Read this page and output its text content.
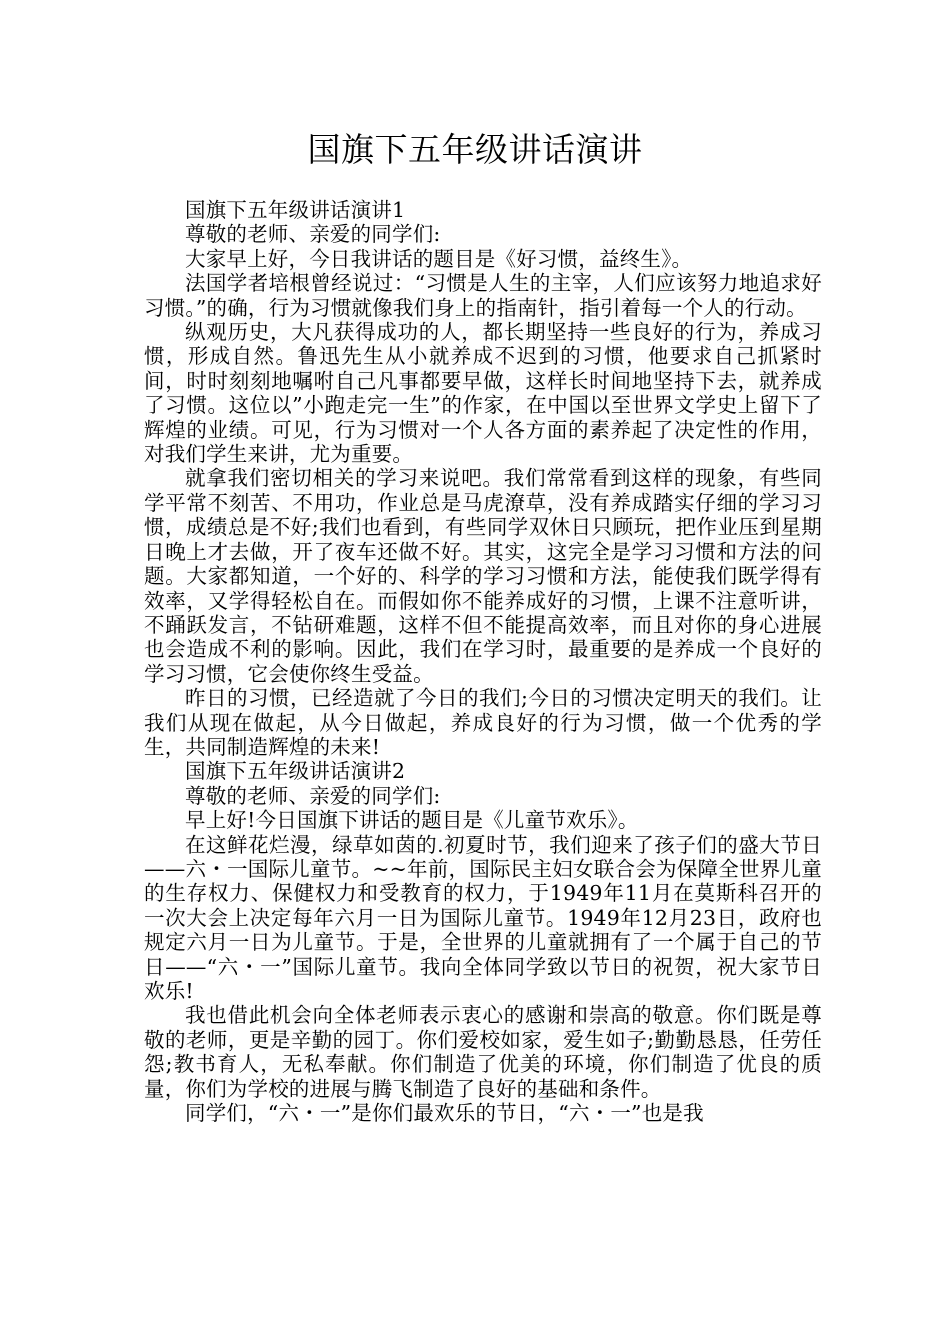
国旗下五年级讲话演讲

国旗下五年级讲话演讲1

尊敬的老师、亲爱的同学们:

大家早上好，今日我讲话的题目是《好习惯，益终生》。

法国学者培根曾经说过：“习惯是人生的主宰，人们应该努力地追求好习惯。”的确，行为习惯就像我们身上的指南针，指引着每一个人的行动。

纵观历史，大凡获得成功的人，都长期坚持一些良好的行为，养成习惯，形成自然。鲁迅先生从小就养成不迟到的习惯，他要求自己抓紧时间，时时刻刻地嘱咐自己凡事都要早做，这样长时间地坚持下去，就养成了习惯。这位以”小跑走完一生”的作家，在中国以至世界文学史上留下了辉煌的业绩。可见，行为习惯对一个人各方面的素养起了决定性的作用，对我们学生来讲，尤为重要。

就拿我们密切相关的学习来说吧。我们常常看到这样的现象，有些同学平常不刻苦、不用功，作业总是马虎潦草，没有养成踏实仔细的学习习惯，成绩总是不好;我们也看到，有些同学双休日只顾玩，把作业压到星期日晚上才去做，开了夜车还做不好。其实，这完全是学习习惯和方法的问题。大家都知道，一个好的、科学的学习习惯和方法，能使我们既学得有效率，又学得轻松自在。而假如你不能养成好的习惯，上课不注意听讲，不踊跃发言，不钻研难题，这样不但不能提高效率，而且对你的身心进展也会造成不利的影响。因此，我们在学习时，最重要的是养成一个良好的学习习惯，它会使你终生受益。

昨日的习惯，已经造就了今日的我们;今日的习惯决定明天的我们。让我们从现在做起，从今日做起，养成良好的行为习惯，做一个优秀的学生，共同制造辉煌的未来!

国旗下五年级讲话演讲2

尊敬的老师、亲爱的同学们:

早上好!今日国旗下讲话的题目是《儿童节欢乐》。

在这鲜花烂漫，绿草如茵的.初夏时节，我们迎来了孩子们的盛大节日——六・一国际儿童节。~~年前，国际民主妇女联合会为保障全世界儿童的生存权力、保健权力和受教育的权力，于1949年11月在莫斯科召开的一次大会上决定每年六月一日为国际儿童节。1949年12月23日，政府也规定六月一日为儿童节。于是，全世界的儿童就拥有了一个属于自己的节日——“六・一”国际儿童节。我向全体同学致以节日的祝贺，祝大家节日欢乐!

我也借此机会向全体老师表示衷心的感谢和崇高的敬意。你们既是尊敬的老师，更是辛勤的园丁。你们爱校如家，爱生如子;勤勤恳恳，任劳任怨;教书育人，无私奉献。你们制造了优美的环境，你们制造了优良的质量，你们为学校的进展与腾飞制造了良好的基础和条件。

同学们，“六・一”是你们最欢乐的节日，“六・一”也是我
